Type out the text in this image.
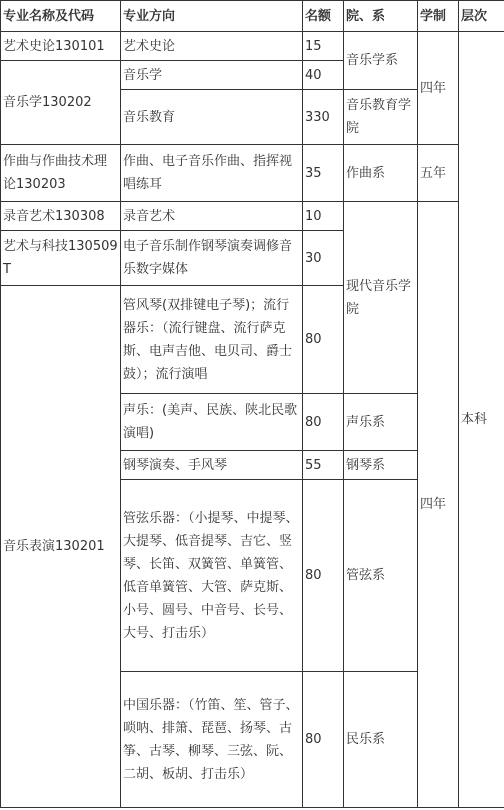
专业名称及代码	专业方向	名额	院、系	学制	层次
艺术史论130101	艺术史论	15	音乐学系	四年	本科
音乐学130202	音乐学	40			
	音乐教育	330	音乐教育学院		
作曲与作曲技术理论130203	作曲、电子音乐作曲、指挥视唱练耳	35	作曲系	五年	
录音艺术130308	录音艺术	10	现代音乐学院	四年	
艺术与科技130509T	电子音乐制作钢琴演奏调修音乐数字媒体	30			
音乐表演130201	管风琴(双排键电子琴)；流行器乐：（流行键盘、流行萨克斯、电声吉他、电贝司、爵士鼓）；流行演唱	80			
	声乐：(美声、民族、陕北民歌演唱)	80	声乐系		
	钢琴演奏、手风琴	55	钢琴系		
	管弦乐器：（小提琴、中提琴、大提琴、低音提琴、吉它、竖琴、长笛、双簧管、单簧管、低音单簧管、大管、萨克斯、小号、圆号、中音号、长号、大号、打击乐）	80	管弦系		
	中国乐器：（竹笛、笙、管子、唢呐、排箫、琵琶、扬琴、古筝、古琴、柳琴、三弦、阮、二胡、板胡、打击乐）	80	民乐系		
